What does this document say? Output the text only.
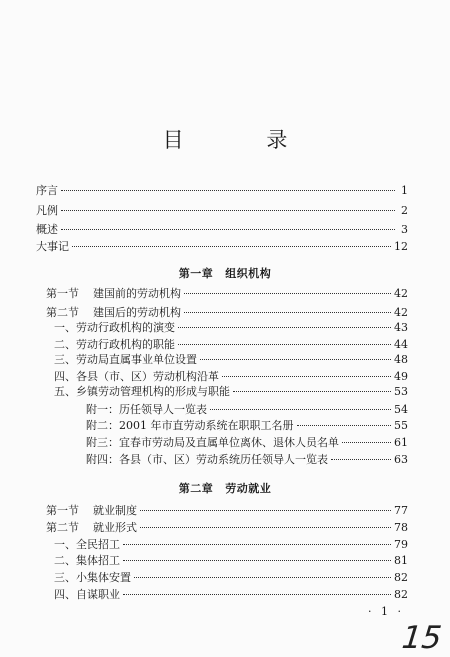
目 录
序言	1
凡例	2
概述	3
大事记	12
第一章 组织机构
第一节 建国前的劳动机构	42
第二节 建国后的劳动机构	42
一、劳动行政机构的演变	43
二、劳动行政机构的职能	44
三、劳动局直属事业单位设置	48
四、各县（市、区）劳动机构沿革	49
五、乡镇劳动管理机构的形成与职能	53
附一：历任领导人一览表	54
附二：2001 年市直劳动系统在职职工名册	55
附三：宜春市劳动局及直属单位离休、退休人员名单	61
附四：各县（市、区）劳动系统历任领导人一览表	63
第二章 劳动就业
第一节 就业制度	77
第二节 就业形式	78
一、全民招工	79
二、集体招工	81
三、小集体安置	82
四、自谋职业	82
· 1 ·
15
